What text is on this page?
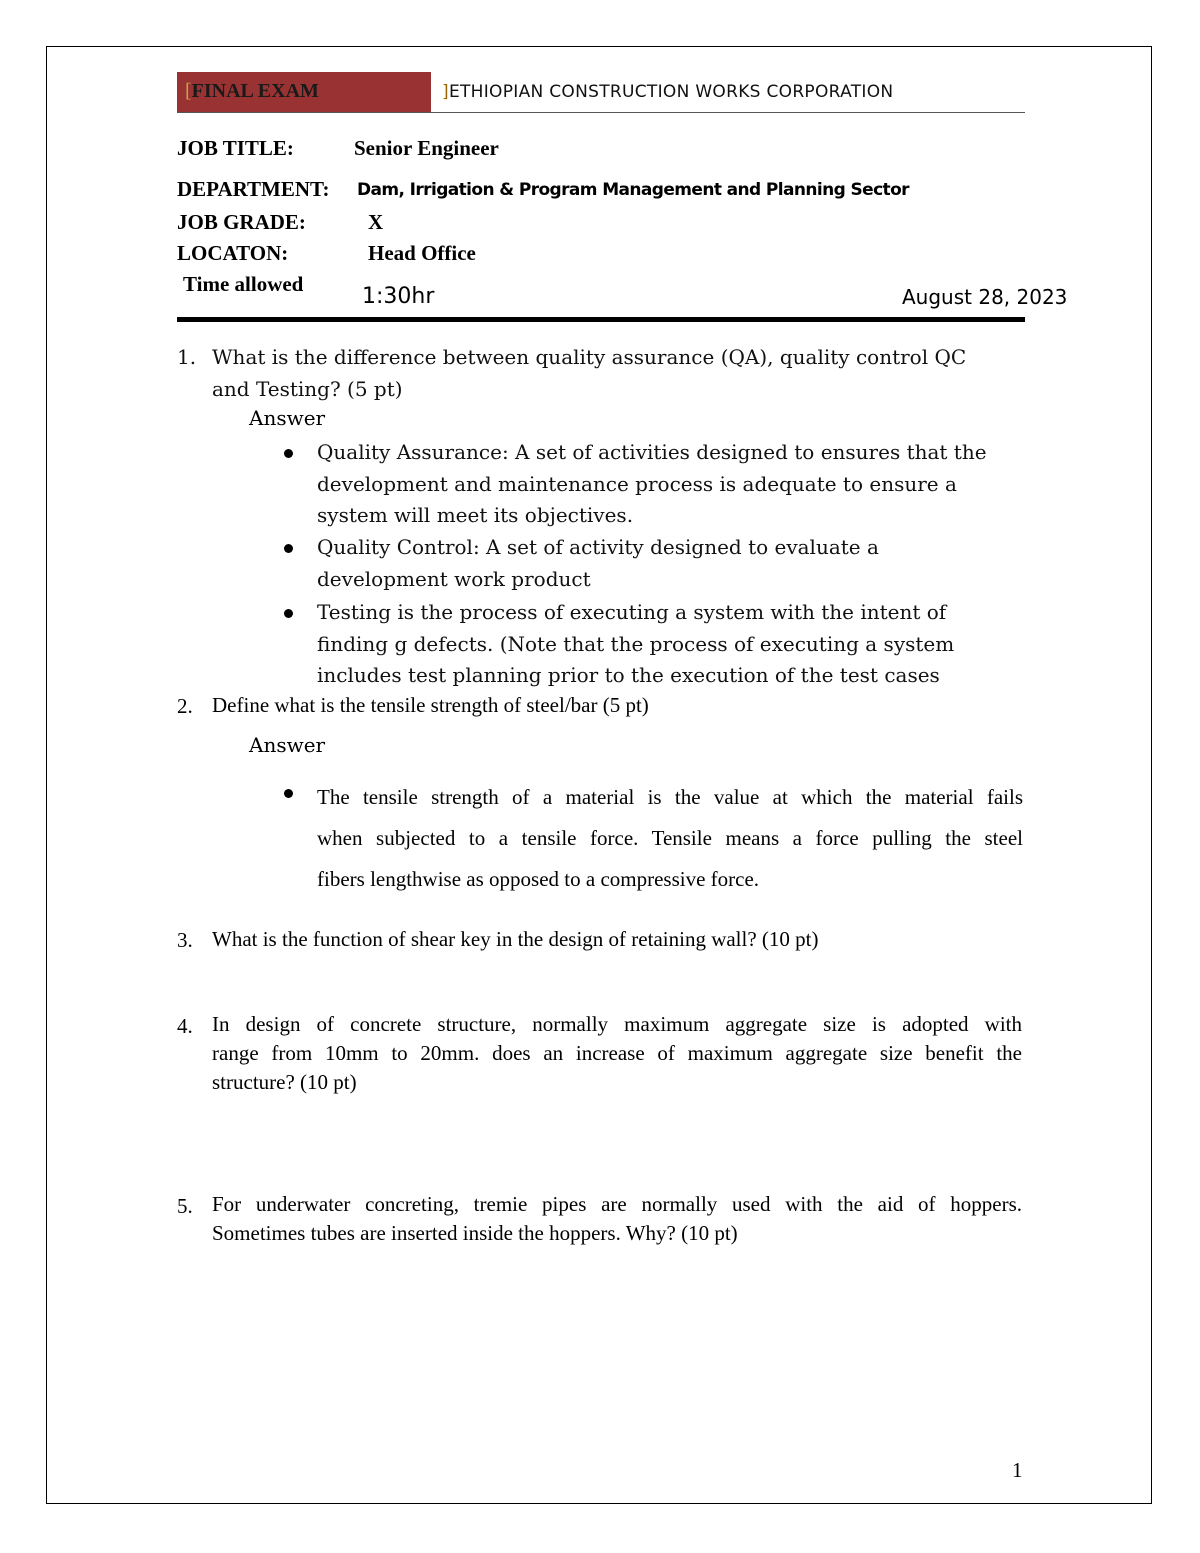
[FINAL EXAM	]ETHIOPIAN CONSTRUCTION WORKS CORPORATION
JOB TITLE:	Senior Engineer
DEPARTMENT: Dam, Irrigation & Program Management and Planning Sector
JOB GRADE:	X
LOCATON:	Head Office
Time allowed	1:30hr	August 28, 2023
1. What is the difference between quality assurance (QA), quality control QC
and Testing? (5 pt)
Answer
Quality Assurance: A set of activities designed to ensures that the
development and maintenance process is adequate to ensure a
system will meet its objectives.
Quality Control: A set of activity designed to evaluate a
development work product
Testing is the process of executing a system with the intent of
finding g defects. (Note that the process of executing a system
includes test planning prior to the execution of the test cases
2. Define what is the tensile strength of steel/bar (5 pt)
Answer
The tensile strength of a material is the value at which the material fails
when subjected to a tensile force. Tensile means a force pulling the steel
fibers lengthwise as opposed to a compressive force.
3. What is the function of shear key in the design of retaining wall? (10 pt)
4. In design of concrete structure, normally maximum aggregate size is adopted with
range from 10mm to 20mm. does an increase of maximum aggregate size benefit the
structure? (10 pt)
5. For underwater concreting, tremie pipes are normally used with the aid of hoppers.
Sometimes tubes are inserted inside the hoppers. Why? (10 pt)
1
